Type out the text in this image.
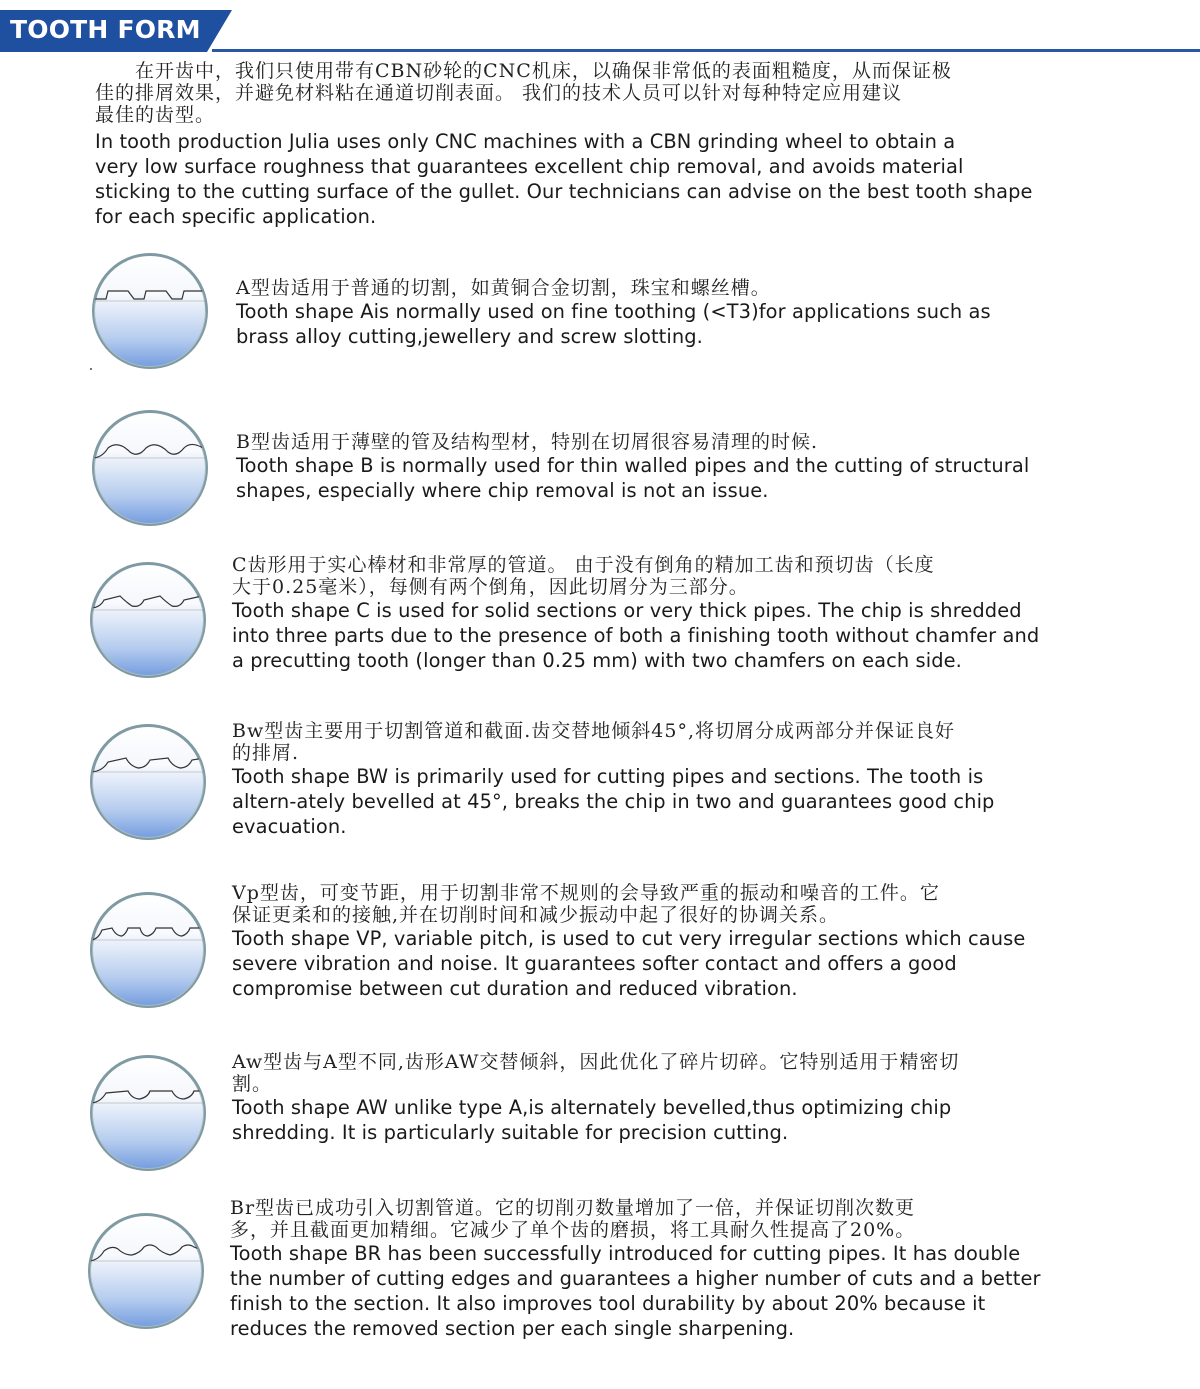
TOOTH FORM

　　在开齿中，我们只使用带有CBN砂轮的CNC机床，以确保非常低的表面粗糙度，从而保证极
佳的排屑效果，并避免材料粘在通道切削表面。 我们的技术人员可以针对每种特定应用建议
最佳的齿型。

In tooth production Julia uses only CNC machines with a CBN grinding wheel to obtain a
very low surface roughness that guarantees excellent chip removal, and avoids material
sticking to the cutting surface of the gullet. Our technicians can advise on the best tooth shape
for each specific application.

A型齿适用于普通的切割，如黄铜合金切割，珠宝和螺丝槽。

Tooth shape Ais normally used on fine toothing (<T3)for applications such as
brass alloy cutting,jewellery and screw slotting.

B型齿适用于薄壁的管及结构型材，特别在切屑很容易清理的时候.

Tooth shape B is normally used for thin walled pipes and the cutting of structural
shapes, especially where chip removal is not an issue.

C齿形用于实心棒材和非常厚的管道。 由于没有倒角的精加工齿和预切齿（长度
大于0.25毫米），每侧有两个倒角，因此切屑分为三部分。

Tooth shape C is used for solid sections or very thick pipes. The chip is shredded
into three parts due to the presence of both a finishing tooth without chamfer and
a precutting tooth (longer than 0.25 mm) with two chamfers on each side.

Bw型齿主要用于切割管道和截面.齿交替地倾斜45°,将切屑分成两部分并保证良好
的排屑.

Tooth shape BW is primarily used for cutting pipes and sections. The tooth is
altern-ately bevelled at 45°, breaks the chip in two and guarantees good chip
evacuation.

Vp型齿，可变节距，用于切割非常不规则的会导致严重的振动和噪音的工件。它
保证更柔和的接触,并在切削时间和减少振动中起了很好的协调关系。

Tooth shape VP, variable pitch, is used to cut very irregular sections which cause
severe vibration and noise. It guarantees softer contact and offers a good
compromise between cut duration and reduced vibration.

Aw型齿与A型不同,齿形AW交替倾斜，因此优化了碎片切碎。它特别适用于精密切
割。

Tooth shape AW unlike type A,is alternately bevelled,thus optimizing chip
shredding. It is particularly suitable for precision cutting.

Br型齿已成功引入切割管道。它的切削刃数量增加了一倍，并保证切削次数更
多，并且截面更加精细。它减少了单个齿的磨损，将工具耐久性提高了20%。

Tooth shape BR has been successfully introduced for cutting pipes. It has double
the number of cutting edges and guarantees a higher number of cuts and a better
finish to the section. It also improves tool durability by about 20% because it
reduces the removed section per each single sharpening.
